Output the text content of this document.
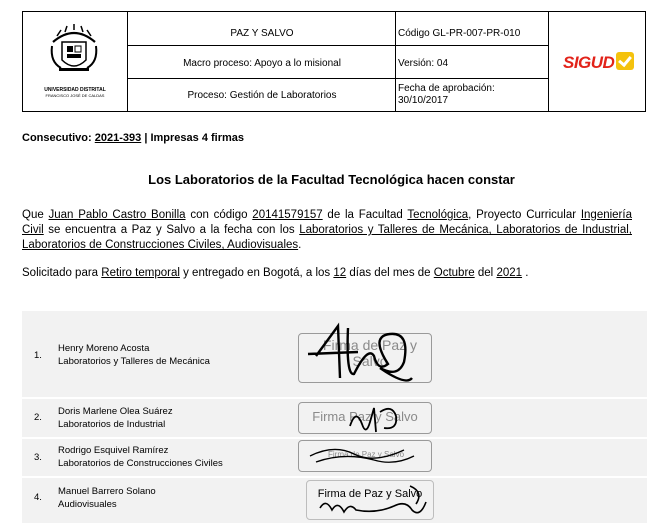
UNIVERSIDAD DISTRITAL
FRANCISCO JOSÉ DE CALDAS
PAZ Y SALVO	Código GL-PR-007-PR-010
Macro proceso: Apoyo a lo misional	Versión: 04
Proceso: Gestión de Laboratorios
Fecha de aprobación:
30/10/2017
SIGUD
Consecutivo: 2021-393 | Impresas 4 firmas
Los Laboratorios de la Facultad Tecnológica hacen constar
Que Juan Pablo Castro Bonilla con código 20141579157 de la Facultad Tecnológica, Proyecto Curricular Ingeniería Civil se encuentra a Paz y Salvo a la fecha con los Laboratorios y Talleres de Mecánica, Laboratorios de Industrial, Laboratorios de Construcciones Civiles, Audiovisuales.
Solicitado para Retiro temporal y entregado en Bogotá, a los 12 días del mes de Octubre del 2021 .
1.
Henry Moreno Acosta
Laboratorios y Talleres de Mecánica
Firma de Paz y Salvo
2.
Doris Marlene Olea Suárez
Laboratorios de Industrial
Firma Paz y Salvo
3.
Rodrigo Esquivel Ramírez
Laboratorios de Construcciones Civiles
Firma de Paz y Salvo
4.
Manuel Barrero Solano
Audiovisuales
Firma de Paz y Salvo
